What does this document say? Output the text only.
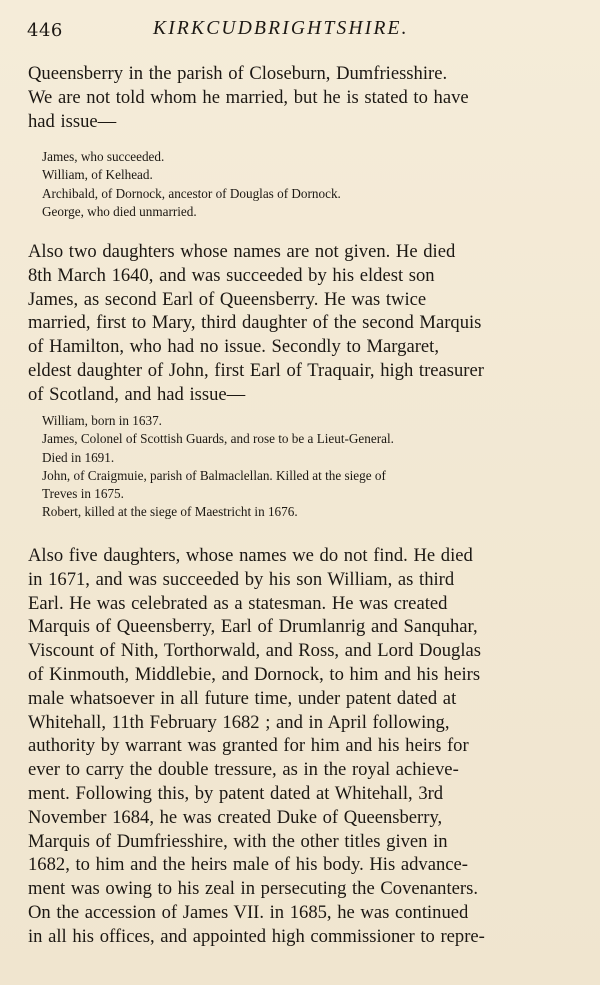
446	KIRKCUDBRIGHTSHIRE.

Queensberry in the parish of Closeburn, Dumfriesshire.
We are not told whom he married, but he is stated to have
had issue—

James, who succeeded.
William, of Kelhead.
Archibald, of Dornock, ancestor of Douglas of Dornock.
George, who died unmarried.

Also two daughters whose names are not given. He died
8th March 1640, and was succeeded by his eldest son
James, as second Earl of Queensberry. He was twice
married, first to Mary, third daughter of the second Marquis
of Hamilton, who had no issue. Secondly to Margaret,
eldest daughter of John, first Earl of Traquair, high treasurer
of Scotland, and had issue—

William, born in 1637.
James, Colonel of Scottish Guards, and rose to be a Lieut-General.
Died in 1691.
John, of Craigmuie, parish of Balmaclellan. Killed at the siege of
Treves in 1675.
Robert, killed at the siege of Maestricht in 1676.

Also five daughters, whose names we do not find. He died
in 1671, and was succeeded by his son William, as third
Earl. He was celebrated as a statesman. He was created
Marquis of Queensberry, Earl of Drumlanrig and Sanquhar,
Viscount of Nith, Torthorwald, and Ross, and Lord Douglas
of Kinmouth, Middlebie, and Dornock, to him and his heirs
male whatsoever in all future time, under patent dated at
Whitehall, 11th February 1682 ; and in April following,
authority by warrant was granted for him and his heirs for
ever to carry the double tressure, as in the royal achieve-
ment. Following this, by patent dated at Whitehall, 3rd
November 1684, he was created Duke of Queensberry,
Marquis of Dumfriesshire, with the other titles given in
1682, to him and the heirs male of his body. His advance-
ment was owing to his zeal in persecuting the Covenanters.
On the accession of James VII. in 1685, he was continued
in all his offices, and appointed high commissioner to repre-
